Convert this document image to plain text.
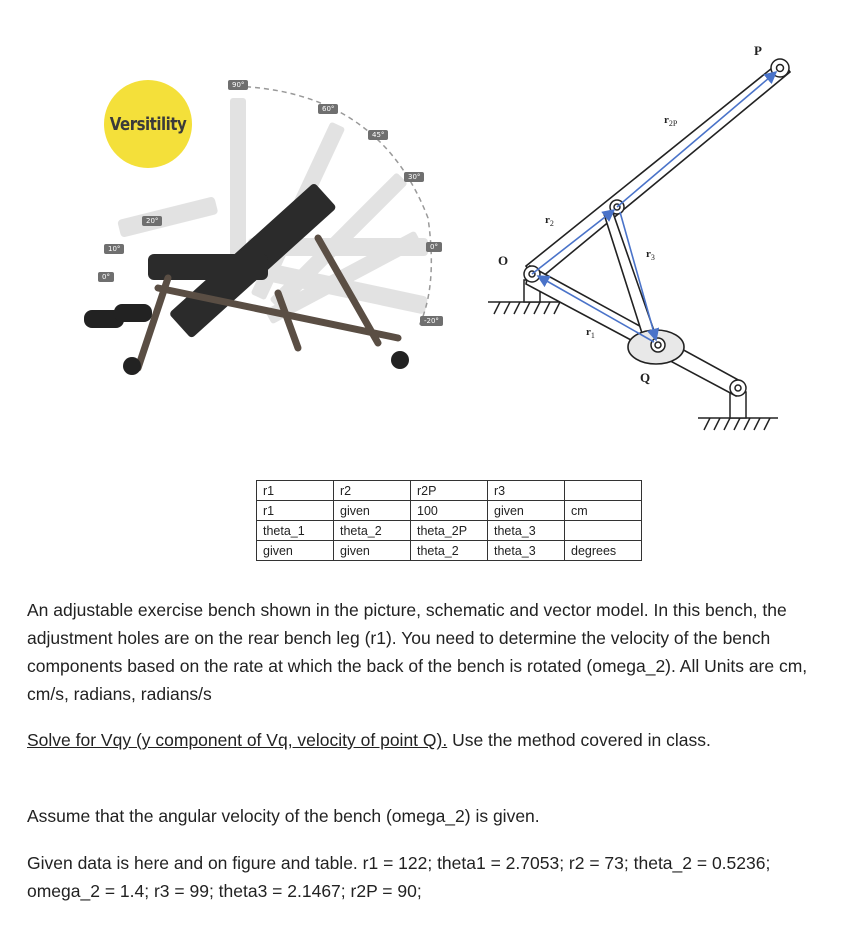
Versitility
90°
60°
45°
30°
0°
-20°
20°
10°
0°
O
P
Q
$r_2$
$r_{2P}$
$r_3$
$r_1$
r1	r2	r2P	r3	
r1	given	100	given	cm
theta_1	theta_2	theta_2P	theta_3	
given	given	theta_2	theta_3	degrees

An adjustable exercise bench shown in the picture, schematic and vector model. In this bench, the adjustment holes are on the rear bench leg (r1). You need to determine the velocity of the bench components based on the rate at which the back of the bench is rotated (omega_2). All Units are cm, cm/s, radians, radians/s

Solve for Vqy (y component of Vq, velocity of point Q). Use the method covered in class.

Assume that the angular velocity of the bench (omega_2) is given.

Given data is here and on figure and table. r1 = 122; theta1 = 2.7053; r2 = 73; theta_2 = 0.5236; omega_2 = 1.4; r3 = 99; theta3 = 2.1467; r2P = 90;
